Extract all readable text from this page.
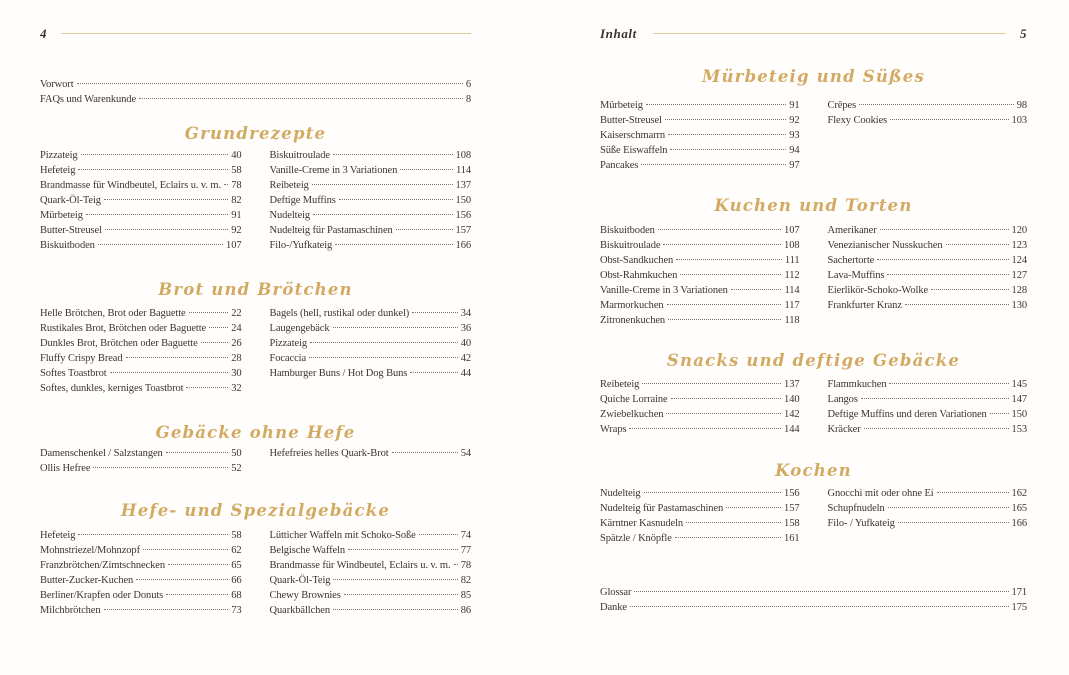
4
Vorwort	6
FAQs und Warenkunde	8
Grundrezepte
Pizzateig	40
Hefeteig	58
Brandmasse für Windbeutel, Eclairs u. v. m. 78
Quark-Öl-Teig	82
Mürbeteig	91
Butter-Streusel	92
Biskuitboden	107
Biskuitroulade	108
Vanille-Creme in 3 Variationen	114
Reibeteig	137
Deftige Muffins	150
Nudelteig	156
Nudelteig für Pastamaschinen	157
Filo-/Yufkateig	166
Brot und Brötchen
Helle Brötchen, Brot oder Baguette	22
Rustikales Brot, Brötchen oder Baguette 24
Dunkles Brot, Brötchen oder Baguette	26
Fluffy Crispy Bread	28
Softes Toastbrot	30
Softes, dunkles, kerniges Toastbrot	32
Bagels (hell, rustikal oder dunkel)	34
Laugengebäck	36
Pizzateig	40
Focaccia	42
Hamburger Buns / Hot Dog Buns	44
Gebäcke ohne Hefe
Damenschenkel / Salzstangen	50
Ollis Hefree	52
Hefefreies helles Quark-Brot	54
Hefe- und Spezialgebäcke
Hefeteig	58
Mohnstriezel/Mohnzopf	62
Franzbrötchen/Zimtschnecken	65
Butter-Zucker-Kuchen	66
Berliner/Krapfen oder Donuts	68
Milchbrötchen	73
Lütticher Waffeln mit Schoko-Soße	74
Belgische Waffeln	77
Brandmasse für Windbeutel, Eclairs u. v. m. 78
Quark-Öl-Teig	82
Chewy Brownies	85
Quarkbällchen	86
Inhalt	5
Mürbeteig und Süßes
Mürbeteig	91
Butter-Streusel	92
Kaiserschmarrn	93
Süße Eiswaffeln	94
Pancakes	97
Crêpes	98
Flexy Cookies	103
Kuchen und Torten
Biskuitboden	107
Biskuitroulade	108
Obst-Sandkuchen	111
Obst-Rahmkuchen	112
Vanille-Creme in 3 Variationen	114
Marmorkuchen	117
Zitronenkuchen	118
Amerikaner	120
Venezianischer Nusskuchen	123
Sachertorte	124
Lava-Muffins	127
Eierlikör-Schoko-Wolke	128
Frankfurter Kranz	130
Snacks und deftige Gebäcke
Reibeteig	137
Quiche Lorraine	140
Zwiebelkuchen	142
Wraps	144
Flammkuchen	145
Langos	147
Deftige Muffins und deren Variationen 150
Kräcker	153
Kochen
Nudelteig	156
Nudelteig für Pastamaschinen	157
Kärntner Kasnudeln	158
Spätzle / Knöpfle	161
Gnocchi mit oder ohne Ei	162
Schupfnudeln	165
Filo- / Yufkateig	166
Glossar	171
Danke	175
